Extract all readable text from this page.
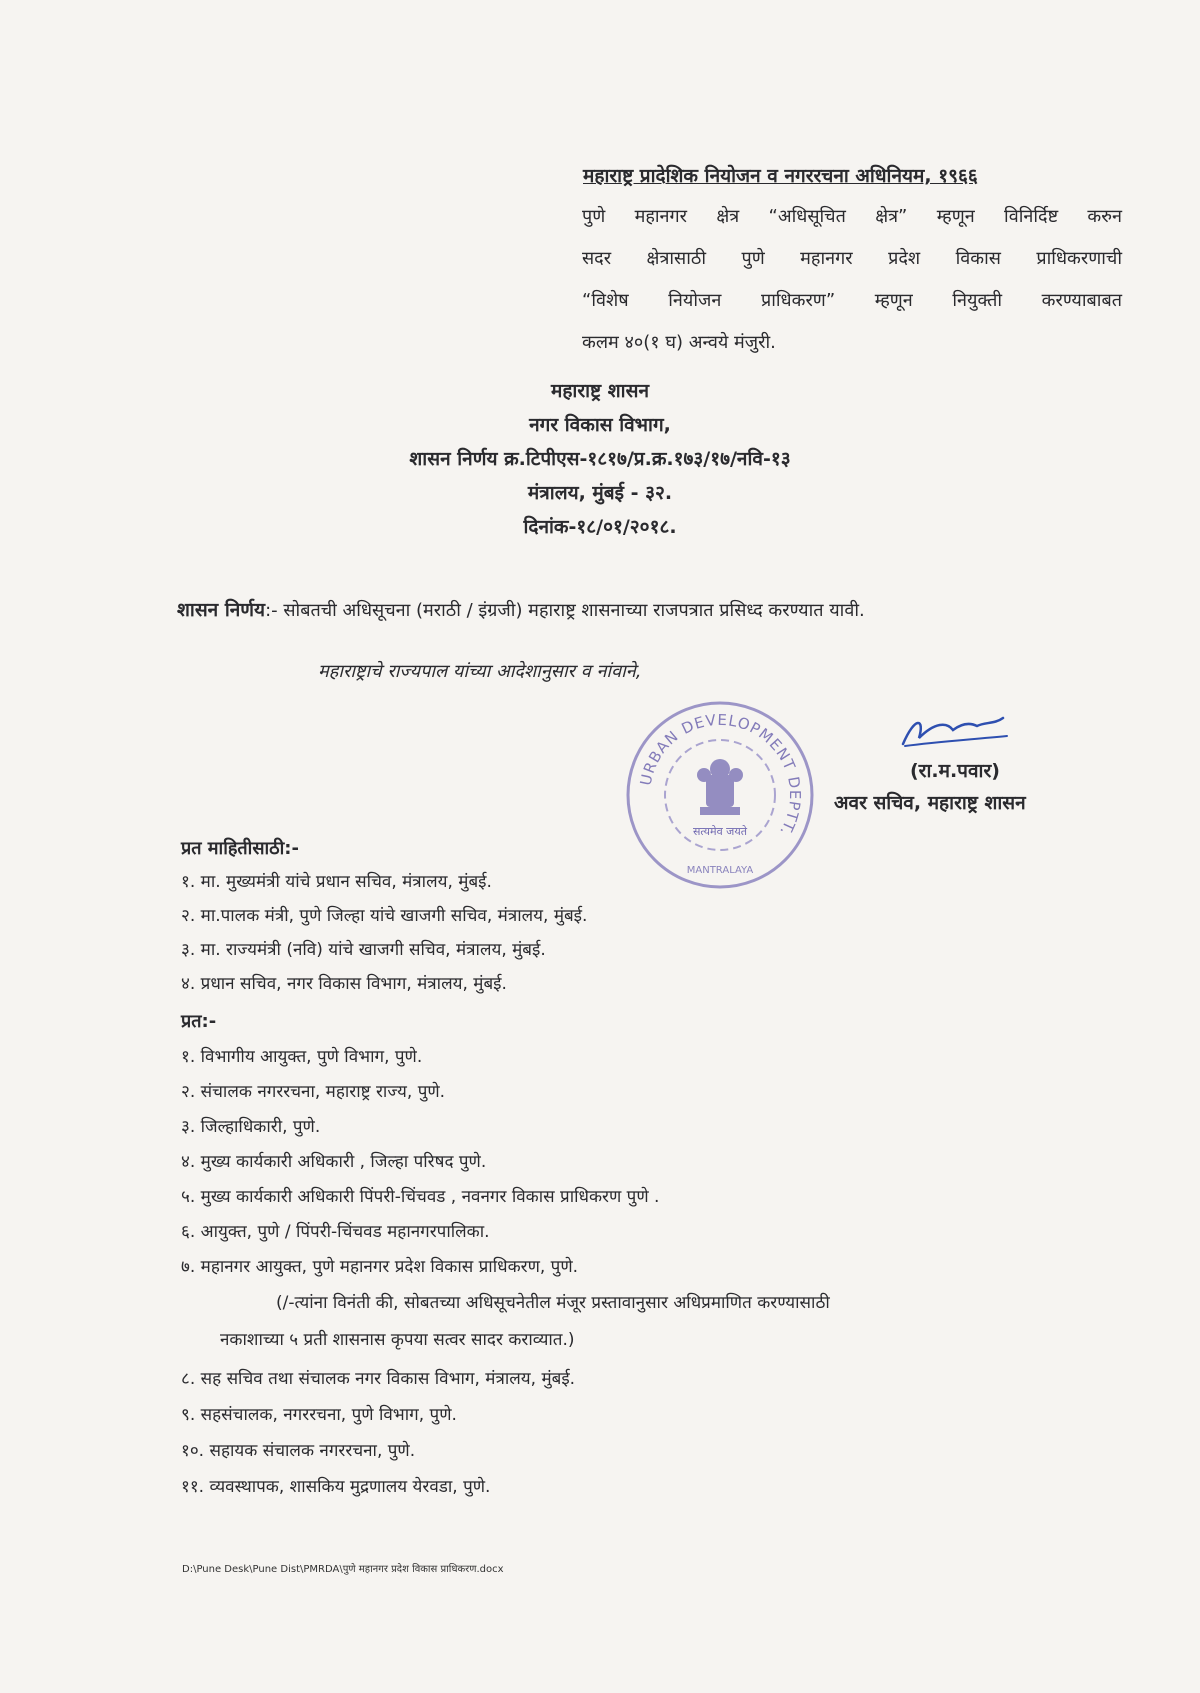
महाराष्ट्र प्रादेशिक नियोजन व नगररचना अधिनियम, १९६६
पुणे महानगर क्षेत्र “अधिसूचित क्षेत्र” म्हणून विनिर्दिष्ट करुन
सदर क्षेत्रासाठी पुणे महानगर प्रदेश विकास प्राधिकरणाची
“विशेष नियोजन प्राधिकरण” म्हणून नियुक्ती करण्याबाबत
कलम ४०(१ घ) अन्वये मंजुरी.
महाराष्ट्र शासन
नगर विकास विभाग,
शासन निर्णय क्र.टिपीएस-१८१७/प्र.क्र.१७३/१७/नवि-१३
मंत्रालय, मुंबई - ३२.
दिनांक-१८/०१/२०१८.
शासन निर्णय:- सोबतची अधिसूचना (मराठी / इंग्रजी) महाराष्ट्र शासनाच्या राजपत्रात प्रसिध्द करण्यात यावी.
महाराष्ट्राचे राज्यपाल यांच्या आदेशानुसार व नांवाने,
URBAN DEVELOPMENT DEPTT.
सत्यमेव जयते
MANTRALAYA
(रा.म.पवार)
अवर सचिव, महाराष्ट्र शासन
प्रत माहितीसाठी:-
१. मा. मुख्यमंत्री यांचे प्रधान सचिव, मंत्रालय, मुंबई.
२. मा.पालक मंत्री, पुणे जिल्हा यांचे खाजगी सचिव, मंत्रालय, मुंबई.
३. मा. राज्यमंत्री (नवि) यांचे खाजगी सचिव, मंत्रालय, मुंबई.
४. प्रधान सचिव, नगर विकास विभाग, मंत्रालय, मुंबई.
प्रत:-
१. विभागीय आयुक्त, पुणे विभाग, पुणे.
२. संचालक नगररचना, महाराष्ट्र राज्य, पुणे.
३. जिल्हाधिकारी, पुणे.
४. मुख्य कार्यकारी अधिकारी , जिल्हा परिषद पुणे.
५. मुख्य कार्यकारी अधिकारी पिंपरी-चिंचवड , नवनगर विकास प्राधिकरण पुणे .
६. आयुक्त, पुणे / पिंपरी-चिंचवड महानगरपालिका.
७. महानगर आयुक्त, पुणे महानगर प्रदेश विकास प्राधिकरण, पुणे.
(/-त्यांना विनंती की, सोबतच्या अधिसूचनेतील मंजूर प्रस्तावानुसार अधिप्रमाणित करण्यासाठी
नकाशाच्या ५ प्रती शासनास कृपया सत्वर सादर कराव्यात.)
८. सह सचिव तथा संचालक नगर विकास विभाग, मंत्रालय, मुंबई.
९. सहसंचालक, नगररचना, पुणे विभाग, पुणे.
१०. सहायक संचालक नगररचना, पुणे.
११. व्यवस्थापक, शासकिय मुद्रणालय येरवडा, पुणे.
D:\Pune Desk\Pune Dist\PMRDA\पुणे महानगर प्रदेश विकास प्राधिकरण.docx
